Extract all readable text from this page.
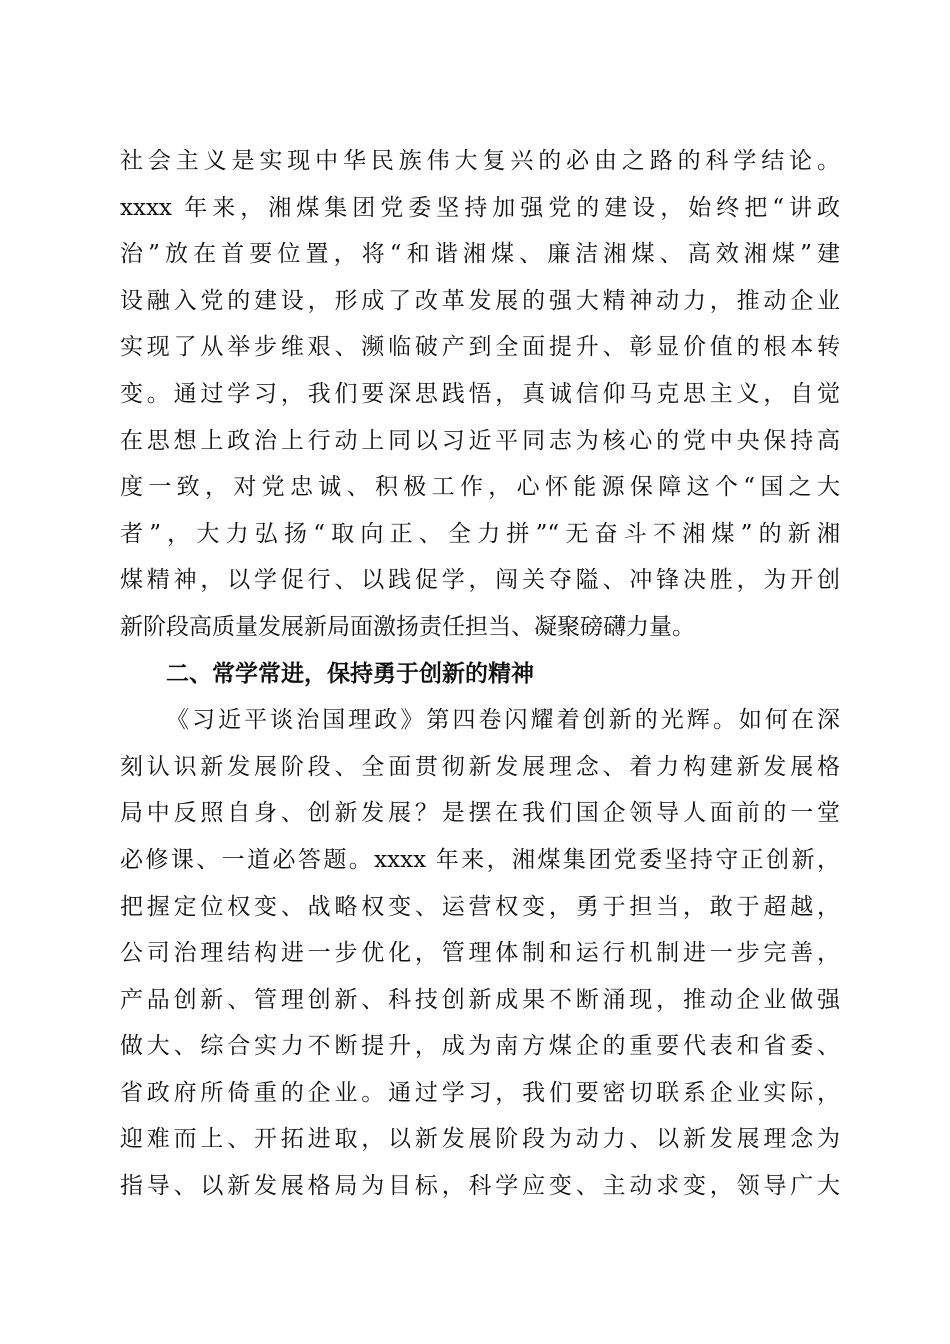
社会主义是实现中华民族伟大复兴的必由之路的科学结论。
xxxx 年来，湘煤集团党委坚持加强党的建设，始终把“讲政
治”放在首要位置，将“和谐湘煤、廉洁湘煤、高效湘煤”建
设融入党的建设，形成了改革发展的强大精神动力，推动企业
实现了从举步维艰、濒临破产到全面提升、彰显价值的根本转
变。通过学习，我们要深思践悟，真诚信仰马克思主义，自觉
在思想上政治上行动上同以习近平同志为核心的党中央保持高
度一致，对党忠诚、积极工作，心怀能源保障这个“国之大
者”，大力弘扬“取向正、全力拼”“无奋斗不湘煤”的新湘
煤精神，以学促行、以践促学，闯关夺隘、冲锋决胜，为开创
新阶段高质量发展新局面激扬责任担当、凝聚磅礴力量。
二、常学常进，保持勇于创新的精神
《习近平谈治国理政》第四卷闪耀着创新的光辉。如何在深
刻认识新发展阶段、全面贯彻新发展理念、着力构建新发展格
局中反照自身、创新发展？是摆在我们国企领导人面前的一堂
必修课、一道必答题。xxxx 年来，湘煤集团党委坚持守正创新，
把握定位权变、战略权变、运营权变，勇于担当，敢于超越，
公司治理结构进一步优化，管理体制和运行机制进一步完善，
产品创新、管理创新、科技创新成果不断涌现，推动企业做强
做大、综合实力不断提升，成为南方煤企的重要代表和省委、
省政府所倚重的企业。通过学习，我们要密切联系企业实际，
迎难而上、开拓进取，以新发展阶段为动力、以新发展理念为
指导、以新发展格局为目标，科学应变、主动求变，领导广大
